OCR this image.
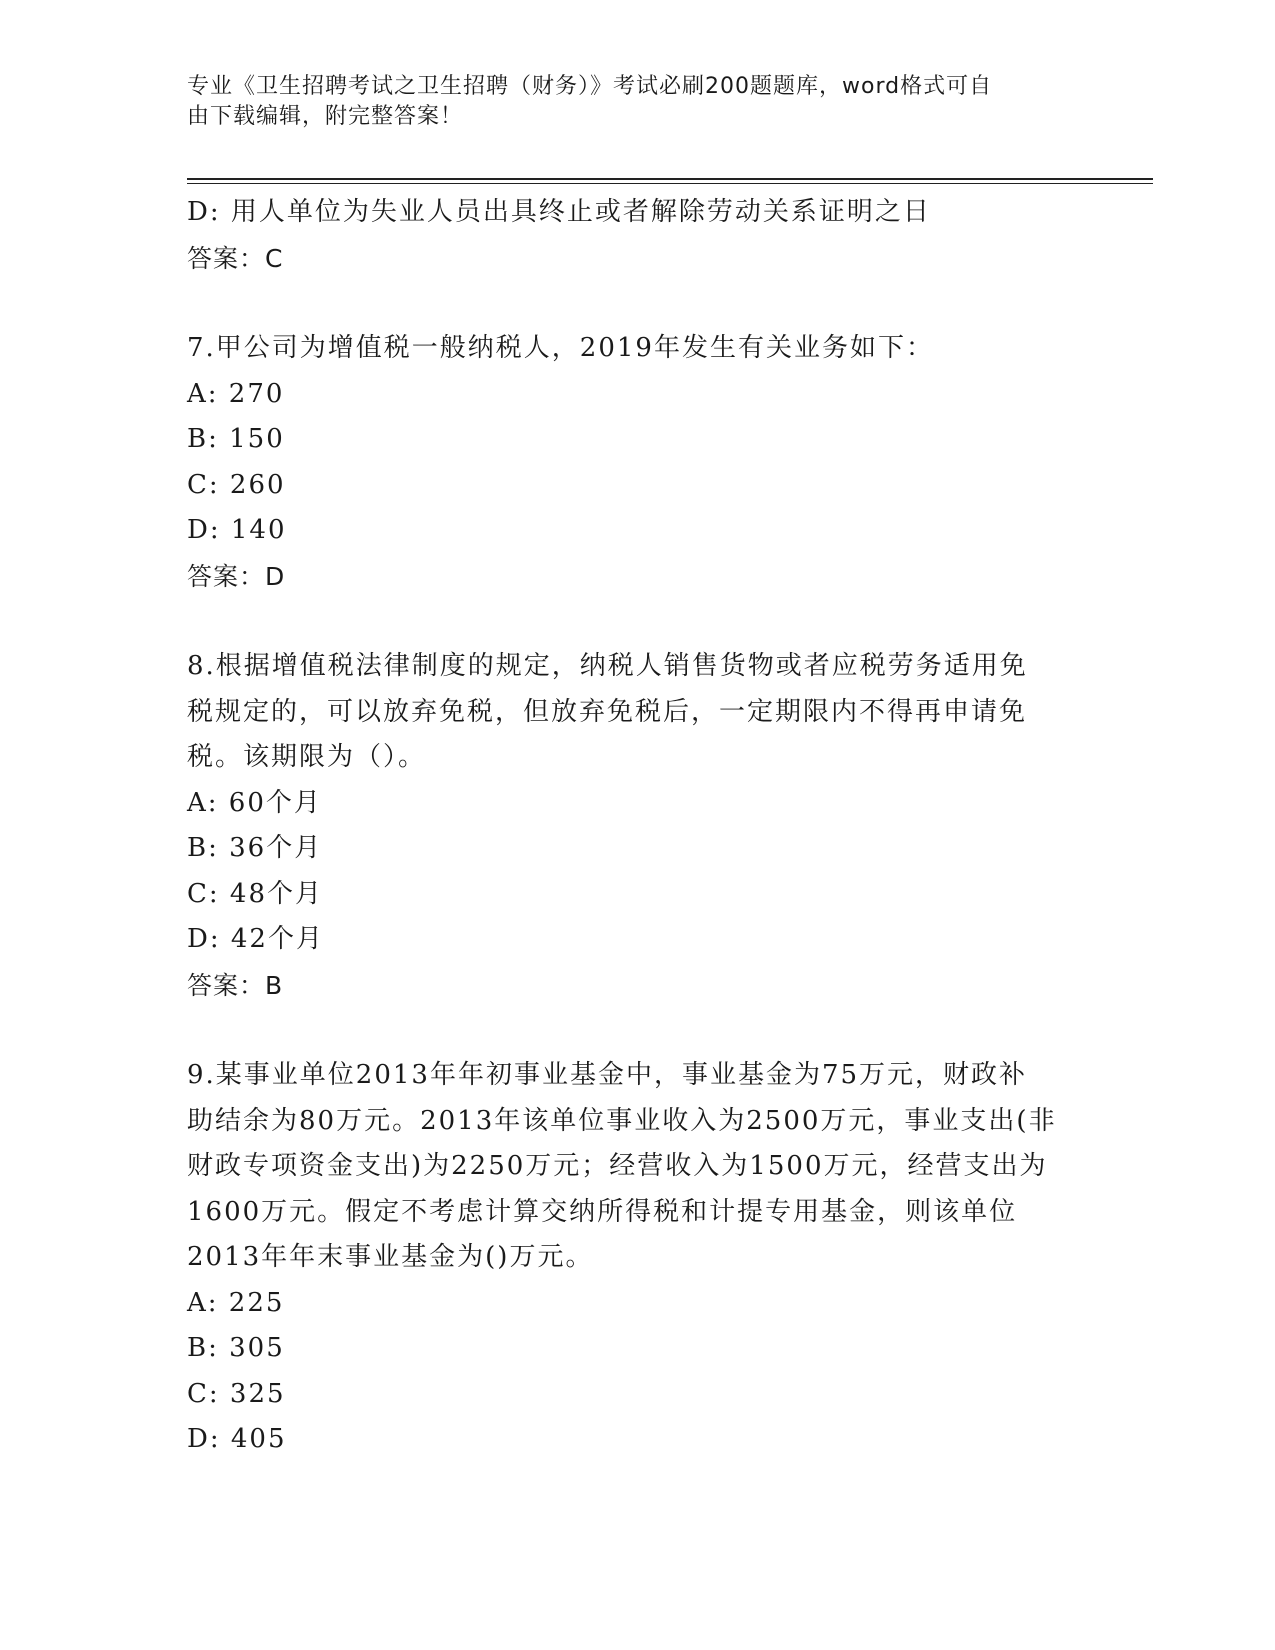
专业《卫生招聘考试之卫生招聘（财务）》考试必刷200题题库，word格式可自
由下载编辑，附完整答案！
D: 用人单位为失业人员出具终止或者解除劳动关系证明之日
答案：C
7.甲公司为增值税一般纳税人，2019年发生有关业务如下：
A: 270
B: 150
C: 260
D: 140
答案：D
8.根据增值税法律制度的规定，纳税人销售货物或者应税劳务适用免
税规定的，可以放弃免税，但放弃免税后，一定期限内不得再申请免
税。该期限为（）。
A: 60个月
B: 36个月
C: 48个月
D: 42个月
答案：B
9.某事业单位2013年年初事业基金中，事业基金为75万元，财政补
助结余为80万元。2013年该单位事业收入为2500万元，事业支出(非
财政专项资金支出)为2250万元；经营收入为1500万元，经营支出为
1600万元。假定不考虑计算交纳所得税和计提专用基金，则该单位
2013年年末事业基金为()万元。
A: 225
B: 305
C: 325
D: 405
